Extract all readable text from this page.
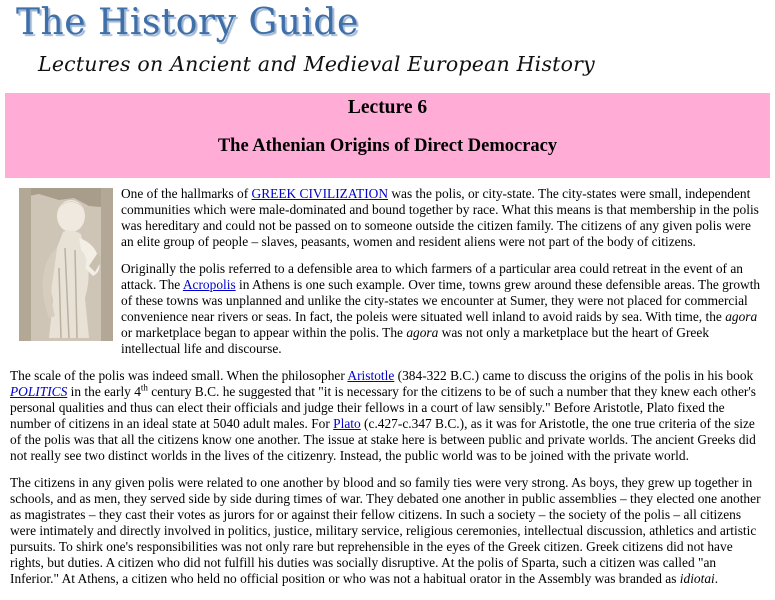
The History Guide
Lectures on Ancient and Medieval European History
Lecture 6
The Athenian Origins of Direct Democracy

One of the hallmarks of GREEK CIVILIZATION was the polis, or city-state. The city-states were small, independent communities which were male-dominated and bound together by race. What this means is that membership in the polis was hereditary and could not be passed on to someone outside the citizen family. The citizens of any given polis were an elite group of people – slaves, peasants, women and resident aliens were not part of the body of citizens.

Originally the polis referred to a defensible area to which farmers of a particular area could retreat in the event of an attack. The Acropolis in Athens is one such example. Over time, towns grew around these defensible areas. The growth of these towns was unplanned and unlike the city-states we encounter at Sumer, they were not placed for commercial convenience near rivers or seas. In fact, the poleis were situated well inland to avoid raids by sea. With time, the agora or marketplace began to appear within the polis. The agora was not only a marketplace but the heart of Greek intellectual life and discourse.

The scale of the polis was indeed small. When the philosopher Aristotle (384-322 B.C.) came to discuss the origins of the polis in his book POLITICS in the early 4th century B.C. he suggested that "it is necessary for the citizens to be of such a number that they knew each other's personal qualities and thus can elect their officials and judge their fellows in a court of law sensibly." Before Aristotle, Plato fixed the number of citizens in an ideal state at 5040 adult males. For Plato (c.427-c.347 B.C.), as it was for Aristotle, the one true criteria of the size of the polis was that all the citizens know one another. The issue at stake here is between public and private worlds. The ancient Greeks did not really see two distinct worlds in the lives of the citizenry. Instead, the public world was to be joined with the private world.

The citizens in any given polis were related to one another by blood and so family ties were very strong. As boys, they grew up together in schools, and as men, they served side by side during times of war. They debated one another in public assemblies – they elected one another as magistrates – they cast their votes as jurors for or against their fellow citizens. In such a society – the society of the polis – all citizens were intimately and directly involved in politics, justice, military service, religious ceremonies, intellectual discussion, athletics and artistic pursuits. To shirk one's responsibilities was not only rare but reprehensible in the eyes of the Greek citizen. Greek citizens did not have rights, but duties. A citizen who did not fulfill his duties was socially disruptive. At the polis of Sparta, such a citizen was called "an Inferior." At Athens, a citizen who held no official position or who was not a habitual orator in the Assembly was branded as idiotai.
